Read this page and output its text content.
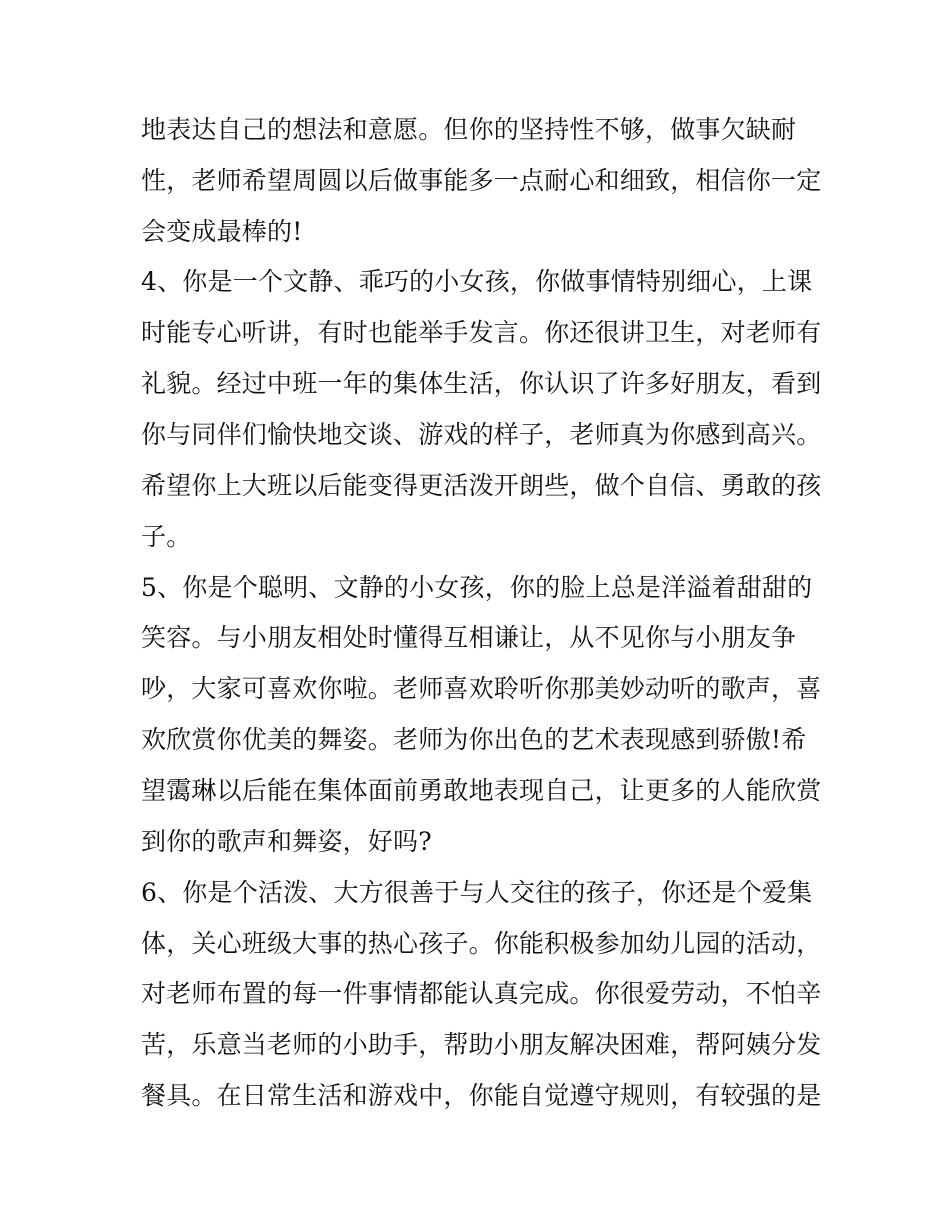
地表达自己的想法和意愿。但你的坚持性不够，做事欠缺耐
性，老师希望周圆以后做事能多一点耐心和细致，相信你一定
会变成最棒的!
4、你是一个文静、乖巧的小女孩，你做事情特别细心，上课
时能专心听讲，有时也能举手发言。你还很讲卫生，对老师有
礼貌。经过中班一年的集体生活，你认识了许多好朋友，看到
你与同伴们愉快地交谈、游戏的样子，老师真为你感到高兴。
希望你上大班以后能变得更活泼开朗些，做个自信、勇敢的孩
子。
5、你是个聪明、文静的小女孩，你的脸上总是洋溢着甜甜的
笑容。与小朋友相处时懂得互相谦让，从不见你与小朋友争
吵，大家可喜欢你啦。老师喜欢聆听你那美妙动听的歌声，喜
欢欣赏你优美的舞姿。老师为你出色的艺术表现感到骄傲!希
望霭琳以后能在集体面前勇敢地表现自己，让更多的人能欣赏
到你的歌声和舞姿，好吗?
6、你是个活泼、大方很善于与人交往的孩子，你还是个爱集
体，关心班级大事的热心孩子。你能积极参加幼儿园的活动，
对老师布置的每一件事情都能认真完成。你很爱劳动，不怕辛
苦，乐意当老师的小助手，帮助小朋友解决困难，帮阿姨分发
餐具。在日常生活和游戏中，你能自觉遵守规则，有较强的是
